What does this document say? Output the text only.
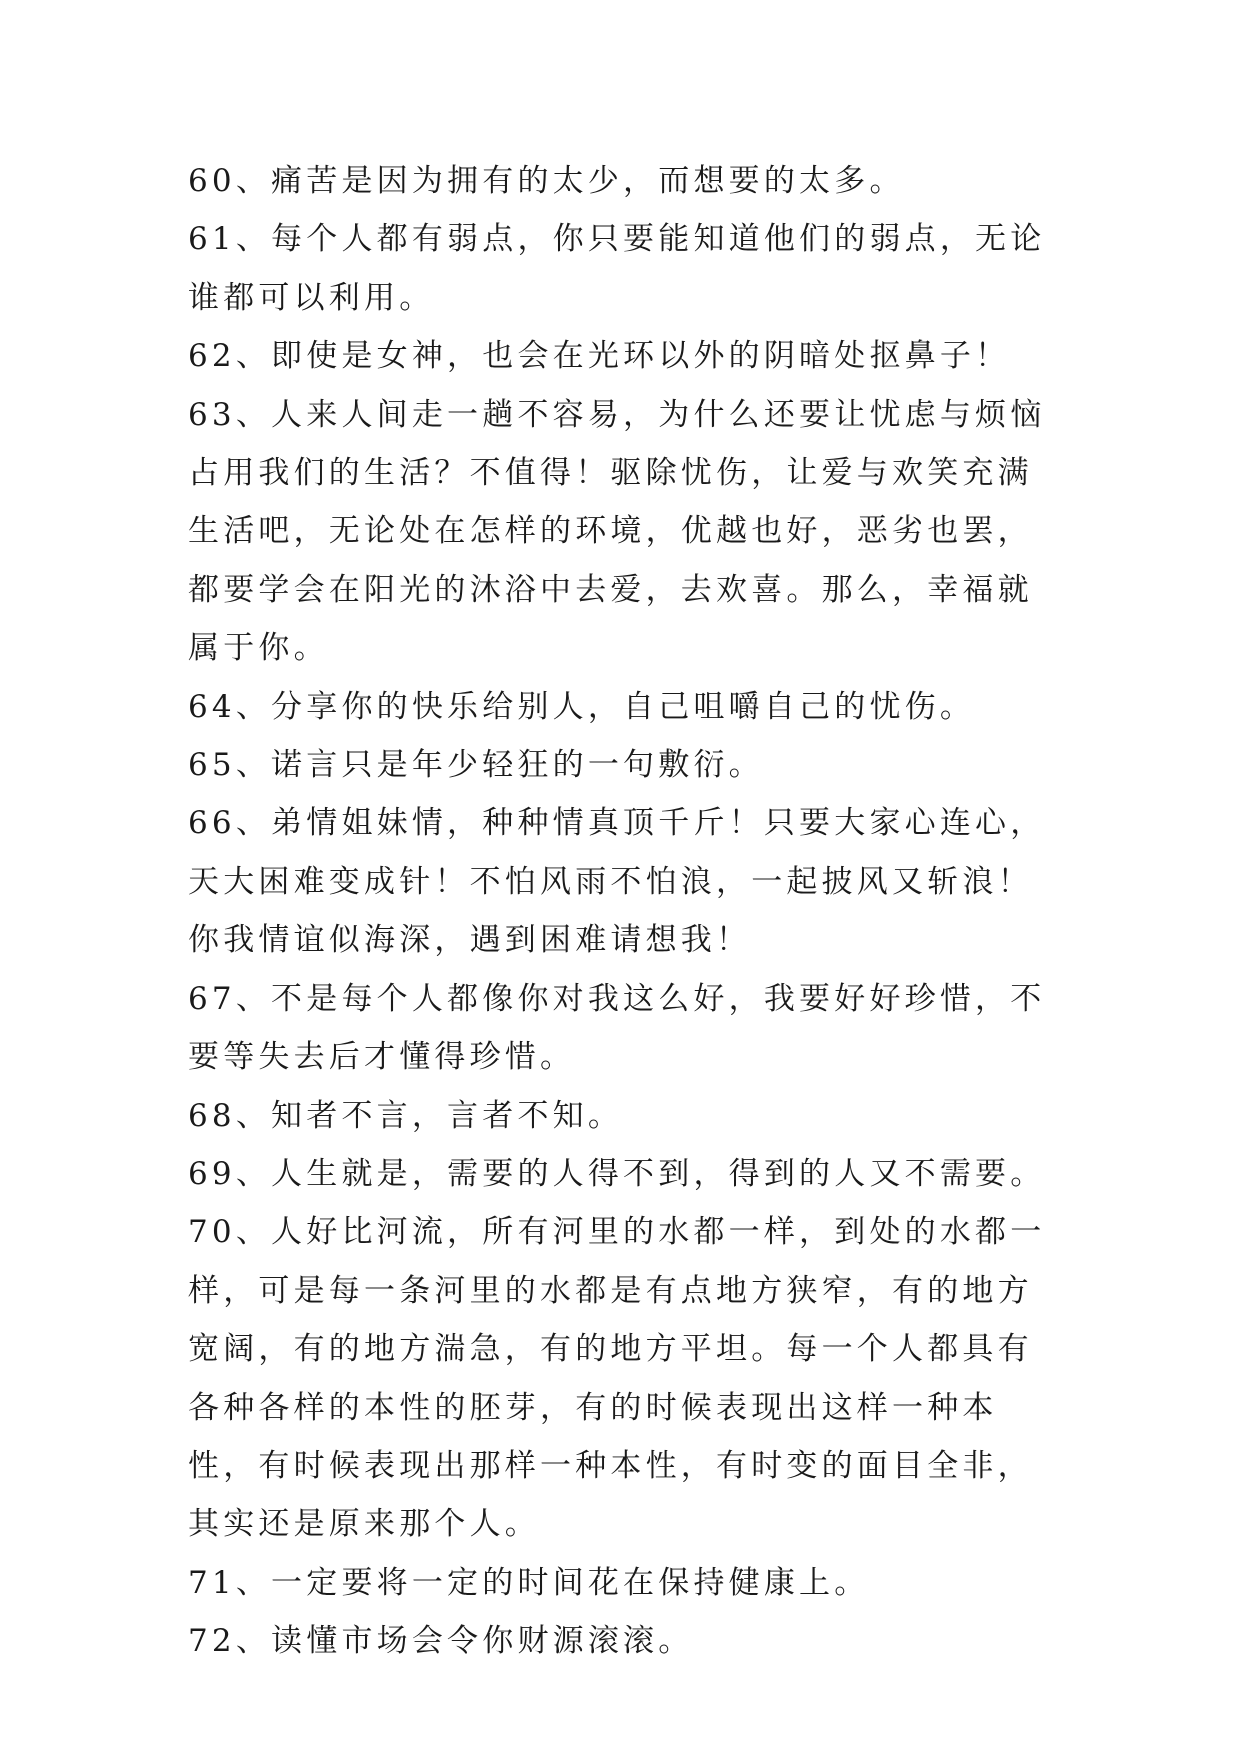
60、痛苦是因为拥有的太少，而想要的太多。

61、每个人都有弱点，你只要能知道他们的弱点，无论谁都可以利用。

62、即使是女神，也会在光环以外的阴暗处抠鼻子！

63、人来人间走一趟不容易，为什么还要让忧虑与烦恼占用我们的生活？不值得！驱除忧伤，让爱与欢笑充满生活吧，无论处在怎样的环境，优越也好，恶劣也罢，都要学会在阳光的沐浴中去爱，去欢喜。那么，幸福就属于你。

64、分享你的快乐给别人，自己咀嚼自己的忧伤。

65、诺言只是年少轻狂的一句敷衍。

66、弟情姐妹情，种种情真顶千斤！只要大家心连心，天大困难变成针！不怕风雨不怕浪，一起披风又斩浪！你我情谊似海深，遇到困难请想我！

67、不是每个人都像你对我这么好，我要好好珍惜，不要等失去后才懂得珍惜。

68、知者不言，言者不知。

69、人生就是，需要的人得不到，得到的人又不需要。

70、人好比河流，所有河里的水都一样，到处的水都一样，可是每一条河里的水都是有点地方狭窄，有的地方宽阔，有的地方湍急，有的地方平坦。每一个人都具有各种各样的本性的胚芽，有的时候表现出这样一种本性，有时候表现出那样一种本性，有时变的面目全非，其实还是原来那个人。

71、一定要将一定的时间花在保持健康上。

72、读懂市场会令你财源滚滚。
